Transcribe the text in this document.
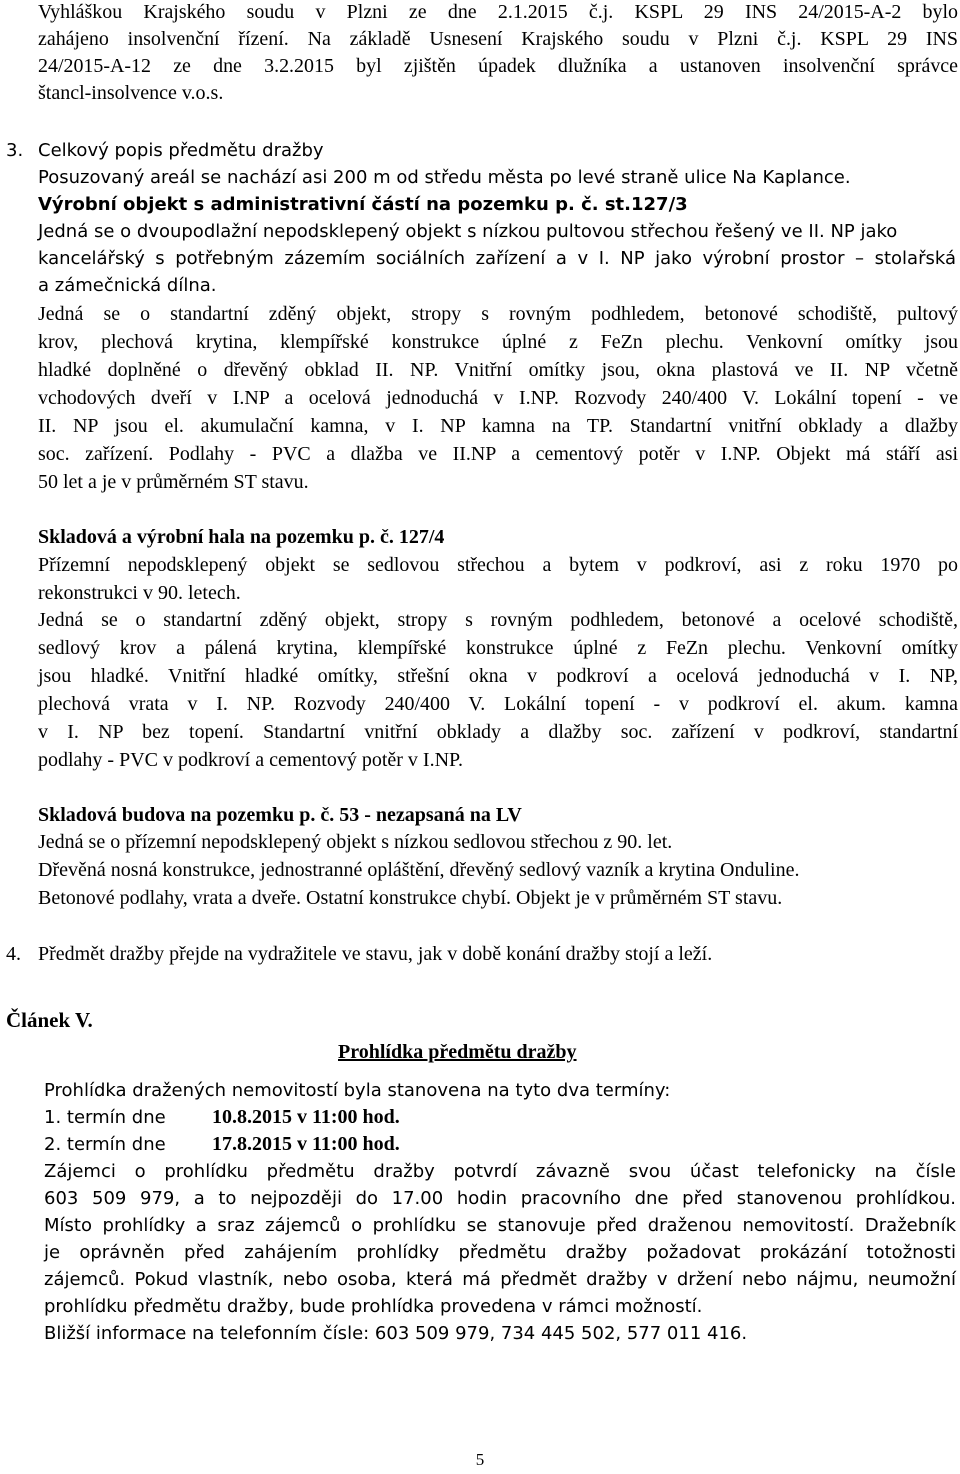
Vyhláškou Krajského soudu v Plzni ze dne 2.1.2015 č.j. KSPL 29 INS 24/2015-A-2 bylo
zahájeno insolvenční řízení. Na základě Usnesení Krajského soudu v Plzni č.j. KSPL 29 INS
24/2015-A-12 ze dne 3.2.2015 byl zjištěn úpadek dlužníka a ustanoven insolvenční správce
štancl-insolvence v.o.s.
3. Celkový popis předmětu dražby
Posuzovaný areál se nachází asi 200 m od středu města po levé straně ulice Na Kaplance.
Výrobní objekt s administrativní částí na pozemku p. č. st.127/3
Jedná se o dvoupodlažní nepodsklepený objekt s nízkou pultovou střechou řešený ve II. NP jako
kancelářský s potřebným zázemím sociálních zařízení a v I. NP jako výrobní prostor – stolařská
a zámečnická dílna.
Jedná se o standartní zděný objekt, stropy s rovným podhledem, betonové schodiště, pultový
krov, plechová krytina, klempířské konstrukce úplné z FeZn plechu. Venkovní omítky jsou
hladké doplněné o dřevěný obklad II. NP. Vnitřní omítky jsou, okna plastová ve II. NP včetně
vchodových dveří v I.NP a ocelová jednoduchá v I.NP. Rozvody 240/400 V. Lokální topení - ve
II. NP jsou el. akumulační kamna, v I. NP kamna na TP. Standartní vnitřní obklady a dlažby
soc. zařízení. Podlahy - PVC a dlažba ve II.NP a cementový potěr v I.NP. Objekt má stáří asi
50 let a je v průměrném ST stavu.
Skladová a výrobní hala na pozemku p. č. 127/4
Přízemní nepodsklepený objekt se sedlovou střechou a bytem v podkroví, asi z roku 1970 po
rekonstrukci v 90. letech.
Jedná se o standartní zděný objekt, stropy s rovným podhledem, betonové a ocelové schodiště,
sedlový krov a pálená krytina, klempířské konstrukce úplné z FeZn plechu. Venkovní omítky
jsou hladké. Vnitřní hladké omítky, střešní okna v podkroví a ocelová jednoduchá v I. NP,
plechová vrata v I. NP. Rozvody 240/400 V. Lokální topení - v podkroví el. akum. kamna
v I. NP bez topení. Standartní vnitřní obklady a dlažby soc. zařízení v podkroví, standartní
podlahy - PVC v podkroví a cementový potěr v I.NP.
Skladová budova na pozemku p. č. 53 - nezapsaná na LV
Jedná se o přízemní nepodsklepený objekt s nízkou sedlovou střechou z 90. let.
Dřevěná nosná konstrukce, jednostranné opláštění, dřevěný sedlový vazník a krytina Onduline.
Betonové podlahy, vrata a dveře. Ostatní konstrukce chybí. Objekt je v průměrném ST stavu.
4. Předmět dražby přejde na vydražitele ve stavu, jak v době konání dražby stojí a leží.
Článek V.
Prohlídka předmětu dražby
Prohlídka dražených nemovitostí byla stanovena na tyto dva termíny:
1. termín dne 10.8.2015 v 11:00 hod.
2. termín dne 17.8.2015 v 11:00 hod.
Zájemci o prohlídku předmětu dražby potvrdí závazně svou účast telefonicky na čísle
603 509 979, a to nejpozději do 17.00 hodin pracovního dne před stanovenou prohlídkou.
Místo prohlídky a sraz zájemců o prohlídku se stanovuje před draženou nemovitostí. Dražebník
je oprávněn před zahájením prohlídky předmětu dražby požadovat prokázání totožnosti
zájemců. Pokud vlastník, nebo osoba, která má předmět dražby v držení nebo nájmu, neumožní
prohlídku předmětu dražby, bude prohlídka provedena v rámci možností.
Bližší informace na telefonním čísle: 603 509 979, 734 445 502, 577 011 416.
5
